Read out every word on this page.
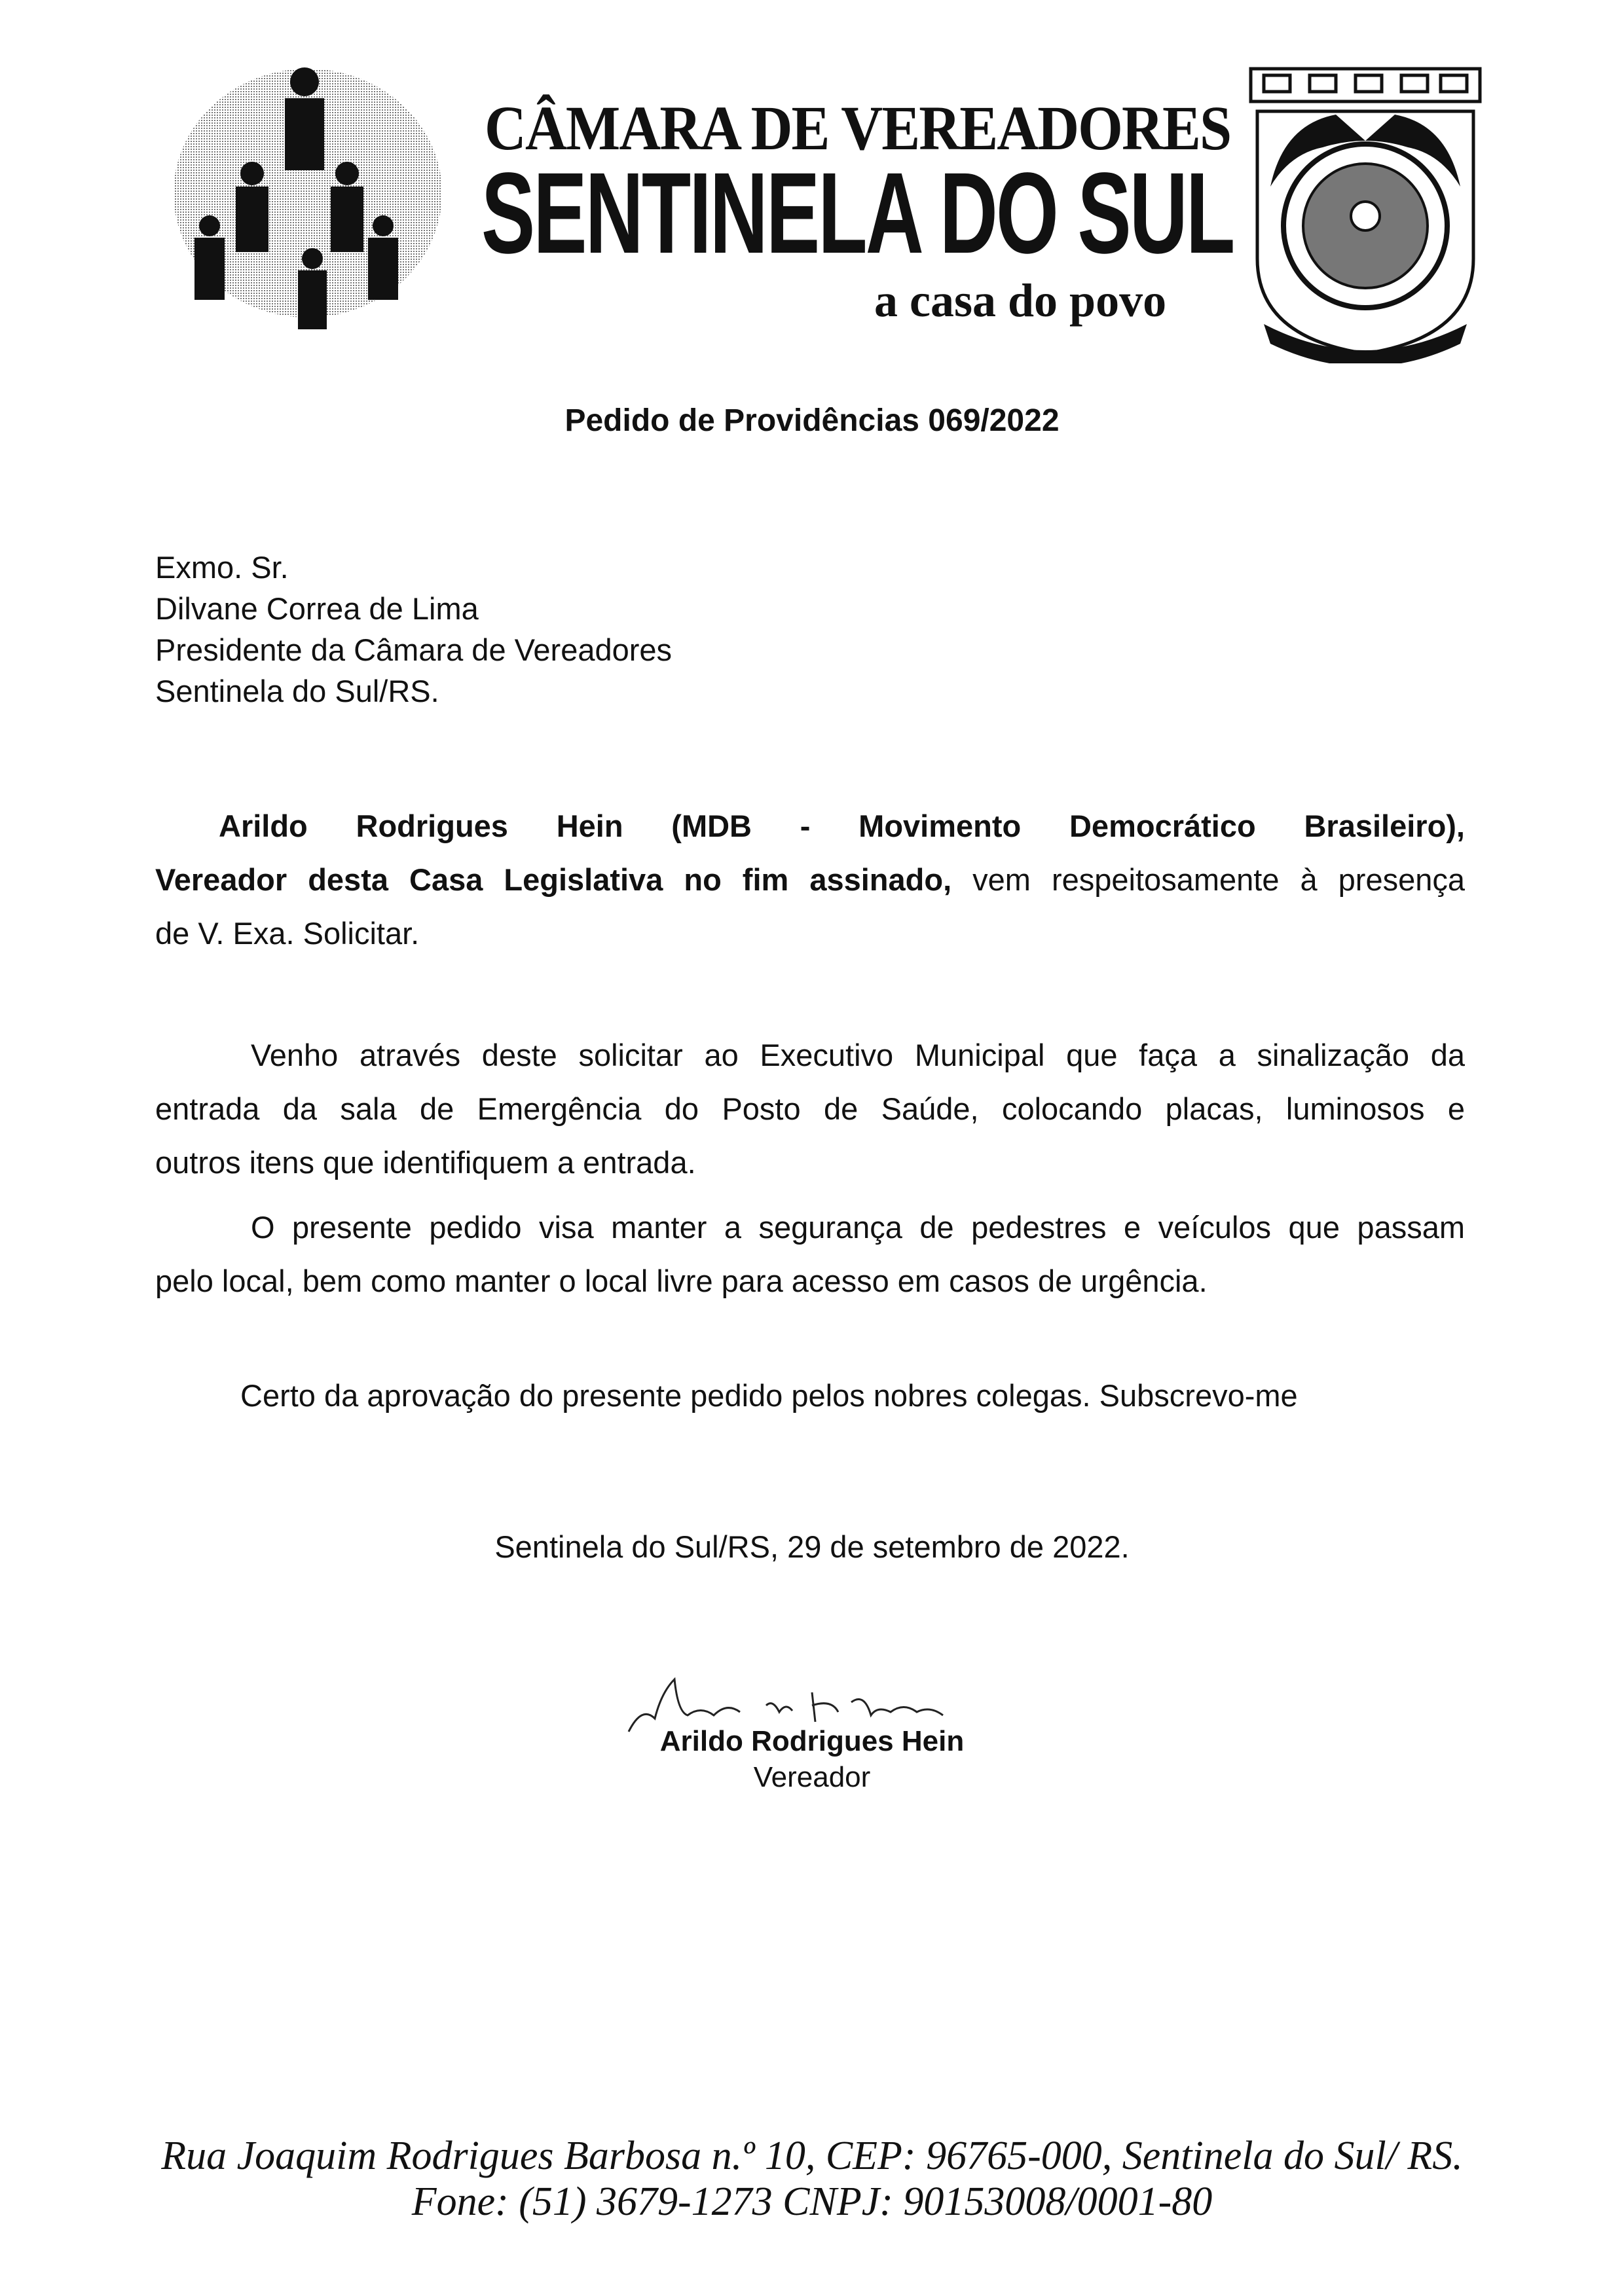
CÂMARA DE VEREADORES
SENTINELA DO SUL
a casa do povo
Pedido de Providências 069/2022
Exmo. Sr.
Dilvane Correa de Lima
Presidente da Câmara de Vereadores
Sentinela do Sul/RS.
Arildo Rodrigues Hein (MDB - Movimento Democrático Brasileiro),
Vereador desta Casa Legislativa no fim assinado, vem respeitosamente à presença
de V. Exa. Solicitar.
Venho através deste solicitar ao Executivo Municipal que faça a sinalização da
entrada da sala de Emergência do Posto de Saúde, colocando placas, luminosos e
outros itens que identifiquem a entrada.
O presente pedido visa manter a segurança de pedestres e veículos que passam
pelo local, bem como manter o local livre para acesso em casos de urgência.
Certo da aprovação do presente pedido pelos nobres colegas. Subscrevo-me
Sentinela do Sul/RS, 29 de setembro de 2022.
Arildo Rodrigues Hein
Vereador
Rua Joaquim Rodrigues Barbosa n.º 10, CEP: 96765-000, Sentinela do Sul/ RS.
Fone: (51) 3679-1273 CNPJ: 90153008/0001-80
